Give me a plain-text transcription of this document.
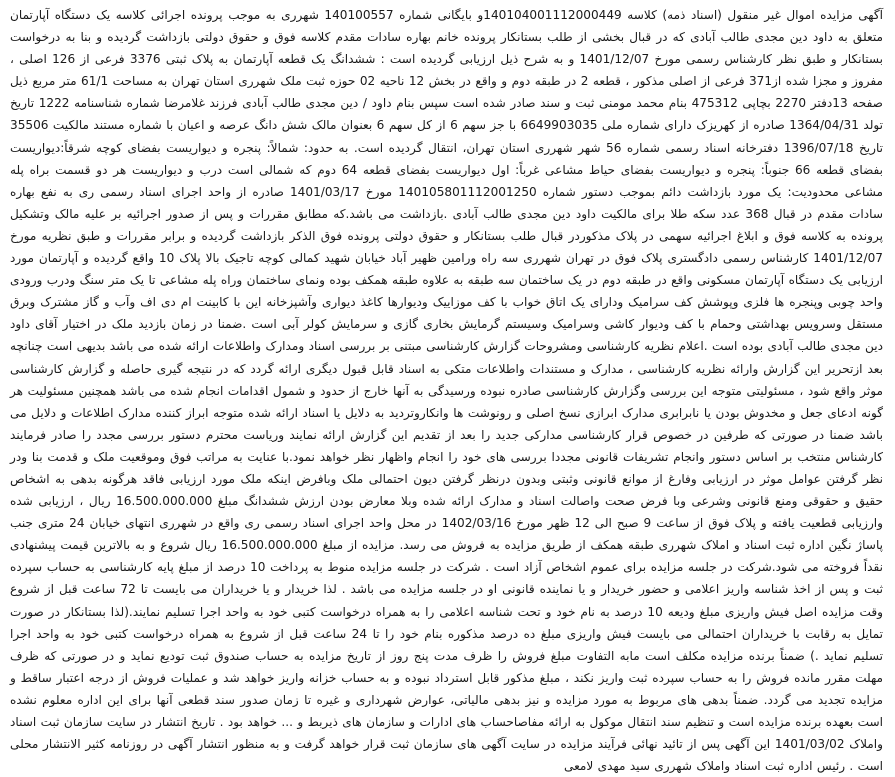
آگهی مزایده اموال غیر منقول (اسناد ذمه) کلاسه 140104001112000449و بایگانی شماره 140100557 شهرری به موجب پرونده اجرائی کلاسه یک دستگاه آپارتمان متعلق به داود دین مجدی طالب آبادی که در قبال بخشی از طلب بستانکار پرونده خانم بهاره سادات مقدم کلاسه فوق و حقوق دولتی بازداشت گردیده و بنا به درخواست بستانکار و طبق نظر کارشناس رسمی مورخ 1401/12/07 و به شرح ذیل ارزیابی گردیده است : ششدانگ یک قطعه آپارتمان به پلاک ثبتی 3376 فرعی از 126 اصلی ، مفروز و مجزا شده از371 فرعی از اصلی مذکور ، قطعه 2 در طبقه دوم و واقع در بخش 12 ناحیه 02 حوزه ثبت ملک شهرری استان تهران به مساحت 61/1 متر مربع ذیل صفحه 13دفتر 2270 بچاپی 475312 بنام محمد مومنی ثبت و سند صادر شده است سپس بنام داود / دین مجدی طالب آبادی فرزند غلامرضا شماره شناسنامه 1222 تاریخ تولد 1364/04/31 صادره از کهریزک دارای شماره ملی 6649903035 با جز سهم 6 از کل سهم 6 بعنوان مالک شش دانگ عرصه و اعیان با شماره مستند مالکیت 35506 تاریخ 1396/07/18 دفترخانه اسناد رسمی شماره 56 شهر شهرری استان تهران، انتقال گردیده است. به حدود: شمالاً: پنجره و دیواریست بفضای کوچه شرقاً:دیواریست بفضای قطعه 66 جنوباً: پنجره و دیواریست بفضای حیاط مشاعی غرباً: اول دیواریست بفضای قطعه 64 دوم که شمالی است درب و دیواریست هر دو قسمت براه پله مشاعی محدودیت: یک مورد بازداشت دائم بموجب دستور شماره 140105801112001250 مورخ 1401/03/17 صادره از واحد اجرای اسناد رسمی ری به نفع بهاره سادات مقدم در قبال 368 عدد سکه طلا برای مالکیت داود دین مجدی طالب آبادی .بازداشت می باشد.که مطابق مقررات و پس از صدور اجرائیه بر علیه مالک وتشکیل پرونده به کلاسه فوق و ابلاغ اجرائیه سهمی در پلاک مذکوردر قبال طلب بستانکار و حقوق دولتی پرونده فوق الذکر بازداشت گردیده و برابر مقررات و طبق نظریه مورخ 1401/12/07 کارشناس رسمی دادگستری پلاک فوق در تهران شهرری سه راه ورامین ظهیر آباد خیابان شهید کمالی کوچه تاجیک بالا پلاک 10 واقع گردیده و آپارتمان مورد ارزیابی یک دستگاه آپارتمان مسکونی واقع در طبقه دوم در یک ساختمان سه طبقه به علاوه طبقه همکف بوده ونمای ساختمان وراه پله مشاعی تا یک متر سنگ ودرب ورودی واحد چوبی وپنجره ها فلزی وپوشش کف سرامیک ودارای یک اتاق خواب با کف موزاییک ودیوارها کاغذ دیواری وآشپزخانه این با کابینت ام دی اف وآب و گاز مشترک وبرق مستقل وسرویس بهداشتی وحمام با کف ودیوار کاشی وسرامیک وسیستم گرمایش بخاری گازی و سرمایش کولر آبی است .ضمنا در زمان بازدید ملک در اختیار آقای داود دین مجدی طالب آبادی بوده است .اعلام نظریه کارشناسی ومشروحات گزارش کارشناسی مبتنی بر بررسی اسناد ومدارک واطلاعات ارائه شده می باشد بدیهی است چنانچه بعد ازتحریر این گزارش وارائه نظریه کارشناسی ، مدارک و مستندات واطلاعات متکی به اسناد قابل قبول دیگری ارائه گردد که در نتیجه گیری حاصله و گزارش کارشناسی موثر واقع شود ، مسئولیتی متوجه این بررسی وگزارش کارشناسی صادره نبوده ورسیدگی به آنها خارج از حدود و شمول اقدامات انجام شده می باشد همچنین مسئولیت هر گونه ادعای جعل و مخدوش بودن یا نابرابری مدارک ابرازی نسخ اصلی و رونوشت ها وانکاروتردید به دلایل یا اسناد ارائه شده متوجه ابراز کننده مدارک اطلاعات و دلایل می باشد ضمنا در صورتی که طرفین در خصوص قرار کارشناسی مدارکی جدید را بعد از تقدیم این گزارش ارائه نمایند وریاست محترم دستور بررسی مجدد را صادر فرمایند کارشناس منتخب بر اساس دستور وانجام تشریفات قانونی مجددا بررسی های خود را انجام واظهار نظر خواهد نمود.با عنایت به مراتب فوق وموقعیت ملک و قدمت بنا ودر نظر گرفتن عوامل موثر در ارزیابی وفارغ از موانع قانونی وثبتی وبدون درنظر گرفتن دیون احتمالی ملک وبافرض اینکه ملک مورد ارزیابی فاقد هرگونه بدهی به اشخاص حقیق و حقوقی ومنع قانونی وشرعی وبا فرض صحت واصالت اسناد و مدارک ارائه شده وبلا معارض بودن ارزش ششدانگ مبلغ 16.500.000.000 ریال ، ارزیابی شده وارزیابی قطعیت یافته و پلاک فوق از ساعت 9 صبح الی 12 ظهر مورخ 1402/03/16 در محل واحد اجرای اسناد رسمی ری واقع در شهرری انتهای خیابان 24 متری جنب پاساژ نگین اداره ثبت اسناد و املاک شهرری طبقه همکف از طریق مزایده به فروش می رسد. مزایده از مبلغ 16.500.000.000 ریال شروع و به بالاترین قیمت پیشنهادی نقداً فروخته می شود.شرکت در جلسه مزایده برای عموم اشخاص آزاد است . شرکت در جلسه مزایده منوط به پرداخت 10 درصد از مبلغ پایه کارشناسی به حساب سپرده ثبت و پس از اخذ شناسه واریز اعلامی و حضور خریدار و یا نماینده قانونی او در جلسه مزایده می باشد . لذا خریدار و یا خریداران می بایست تا 72 ساعت قبل از شروع وقت مزایده اصل فیش واریزی مبلغ ودیعه 10 درصد به نام خود و تحت شناسه اعلامی را به همراه درخواست کتبی خود به واحد اجرا تسلیم نمایند.(لذا بستانکار در صورت تمایل به رقابت با خریداران احتمالی می بایست فیش واریزی مبلغ ده درصد مذکوره بنام خود را تا 24 ساعت قبل از شروع به همراه درخواست کتبی خود به واحد اجرا تسلیم نماید .) ضمناً برنده مزایده مکلف است مابه التفاوت مبلغ فروش را ظرف مدت پنج روز از تاریخ مزایده به حساب صندوق ثبت تودیع نماید و در صورتی که ظرف مهلت مقرر مانده فروش را به حساب سپرده ثبت واریز نکند ، مبلغ مذکور قابل استرداد نبوده و به حساب خزانه واریز خواهد شد و عملیات فروش از درجه اعتبار ساقط و مزایده تجدید می گردد. ضمناً بدهی های مربوط به مورد مزایده و نیز بدهی مالیاتی، عوارض شهرداری و غیره تا زمان صدور سند قطعی آنها برای این اداره معلوم نشده است بعهده برنده مزایده است و تنظیم سند انتقال موکول به ارائه مفاصاحساب های ادارات و سازمان های ذیربط و ... خواهد بود . تاریخ انتشار در سایت سازمان ثبت اسناد واملاک 1401/03/02 این آگهی پس از تائید نهائی فرآیند مزایده در سایت آگهی های سازمان ثبت قرار خواهد گرفت و به منظور انتشار آگهی در روزنامه کثیر الانتشار محلی است . رئیس اداره ثبت اسناد واملاک شهرری سید مهدی لامعی
